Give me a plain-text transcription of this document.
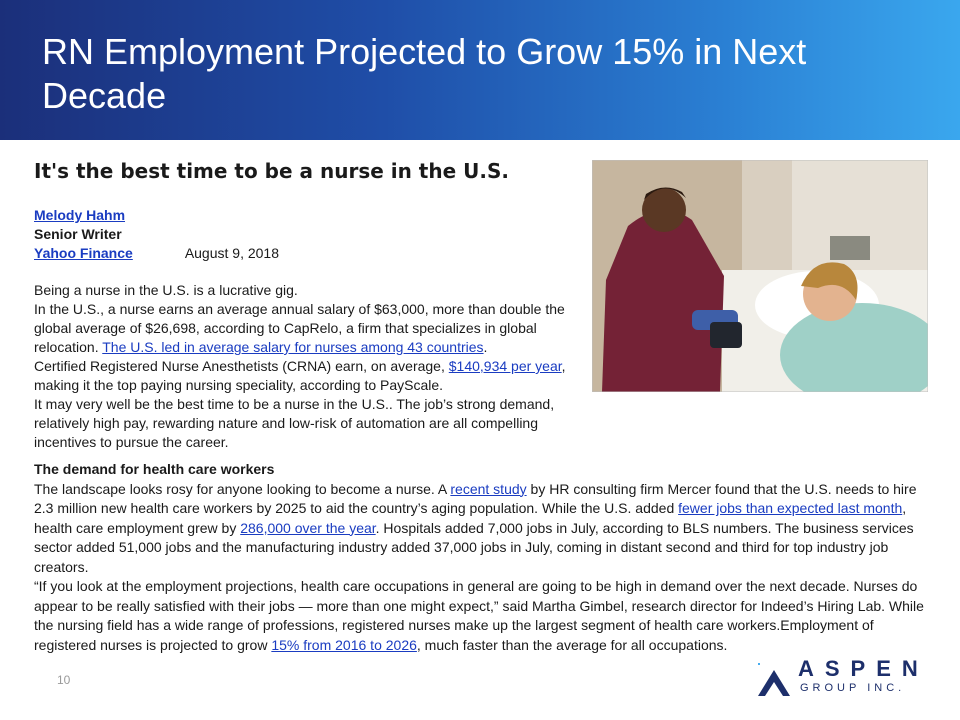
RN Employment Projected to Grow 15% in Next Decade
It's the best time to be a nurse in the U.S.
Melody Hahm
Senior Writer
Yahoo Finance	August 9, 2018

Being a nurse in the U.S. is a lucrative gig.

In the U.S., a nurse earns an average annual salary of $63,000, more than double the global average of $26,698, according to CapRelo, a firm that specializes in global relocation. The U.S. led in average salary for nurses among 43 countries.

Certified Registered Nurse Anesthetists (CRNA) earn, on average, $140,934 per year, making it the top paying nursing speciality, according to PayScale.

It may very well be the best time to be a nurse in the U.S.. The job’s strong demand, relatively high pay, rewarding nature and low-risk of automation are all compelling incentives to pursue the career.

The demand for health care workers

The landscape looks rosy for anyone looking to become a nurse. A recent study by HR consulting firm Mercer found that the U.S. needs to hire 2.3 million new health care workers by 2025 to aid the country’s aging population. While the U.S. added fewer jobs than expected last month, health care employment grew by 286,000 over the year. Hospitals added 7,000 jobs in July, according to BLS numbers. The business services sector added 51,000 jobs and the manufacturing industry added 37,000 jobs in July, coming in distant second and third for top industry job creators.

“If you look at the employment projections, health care occupations in general are going to be high in demand over the next decade. Nurses do appear to be really satisfied with their jobs — more than one might expect,” said Martha Gimbel, research director for Indeed’s Hiring Lab. While the nursing field has a wide range of professions, registered nurses make up the largest segment of health care workers.Employment of registered nurses is projected to grow 15% from 2016 to 2026, much faster than the average for all occupations.

10	ASPEN
GROUP INC.
